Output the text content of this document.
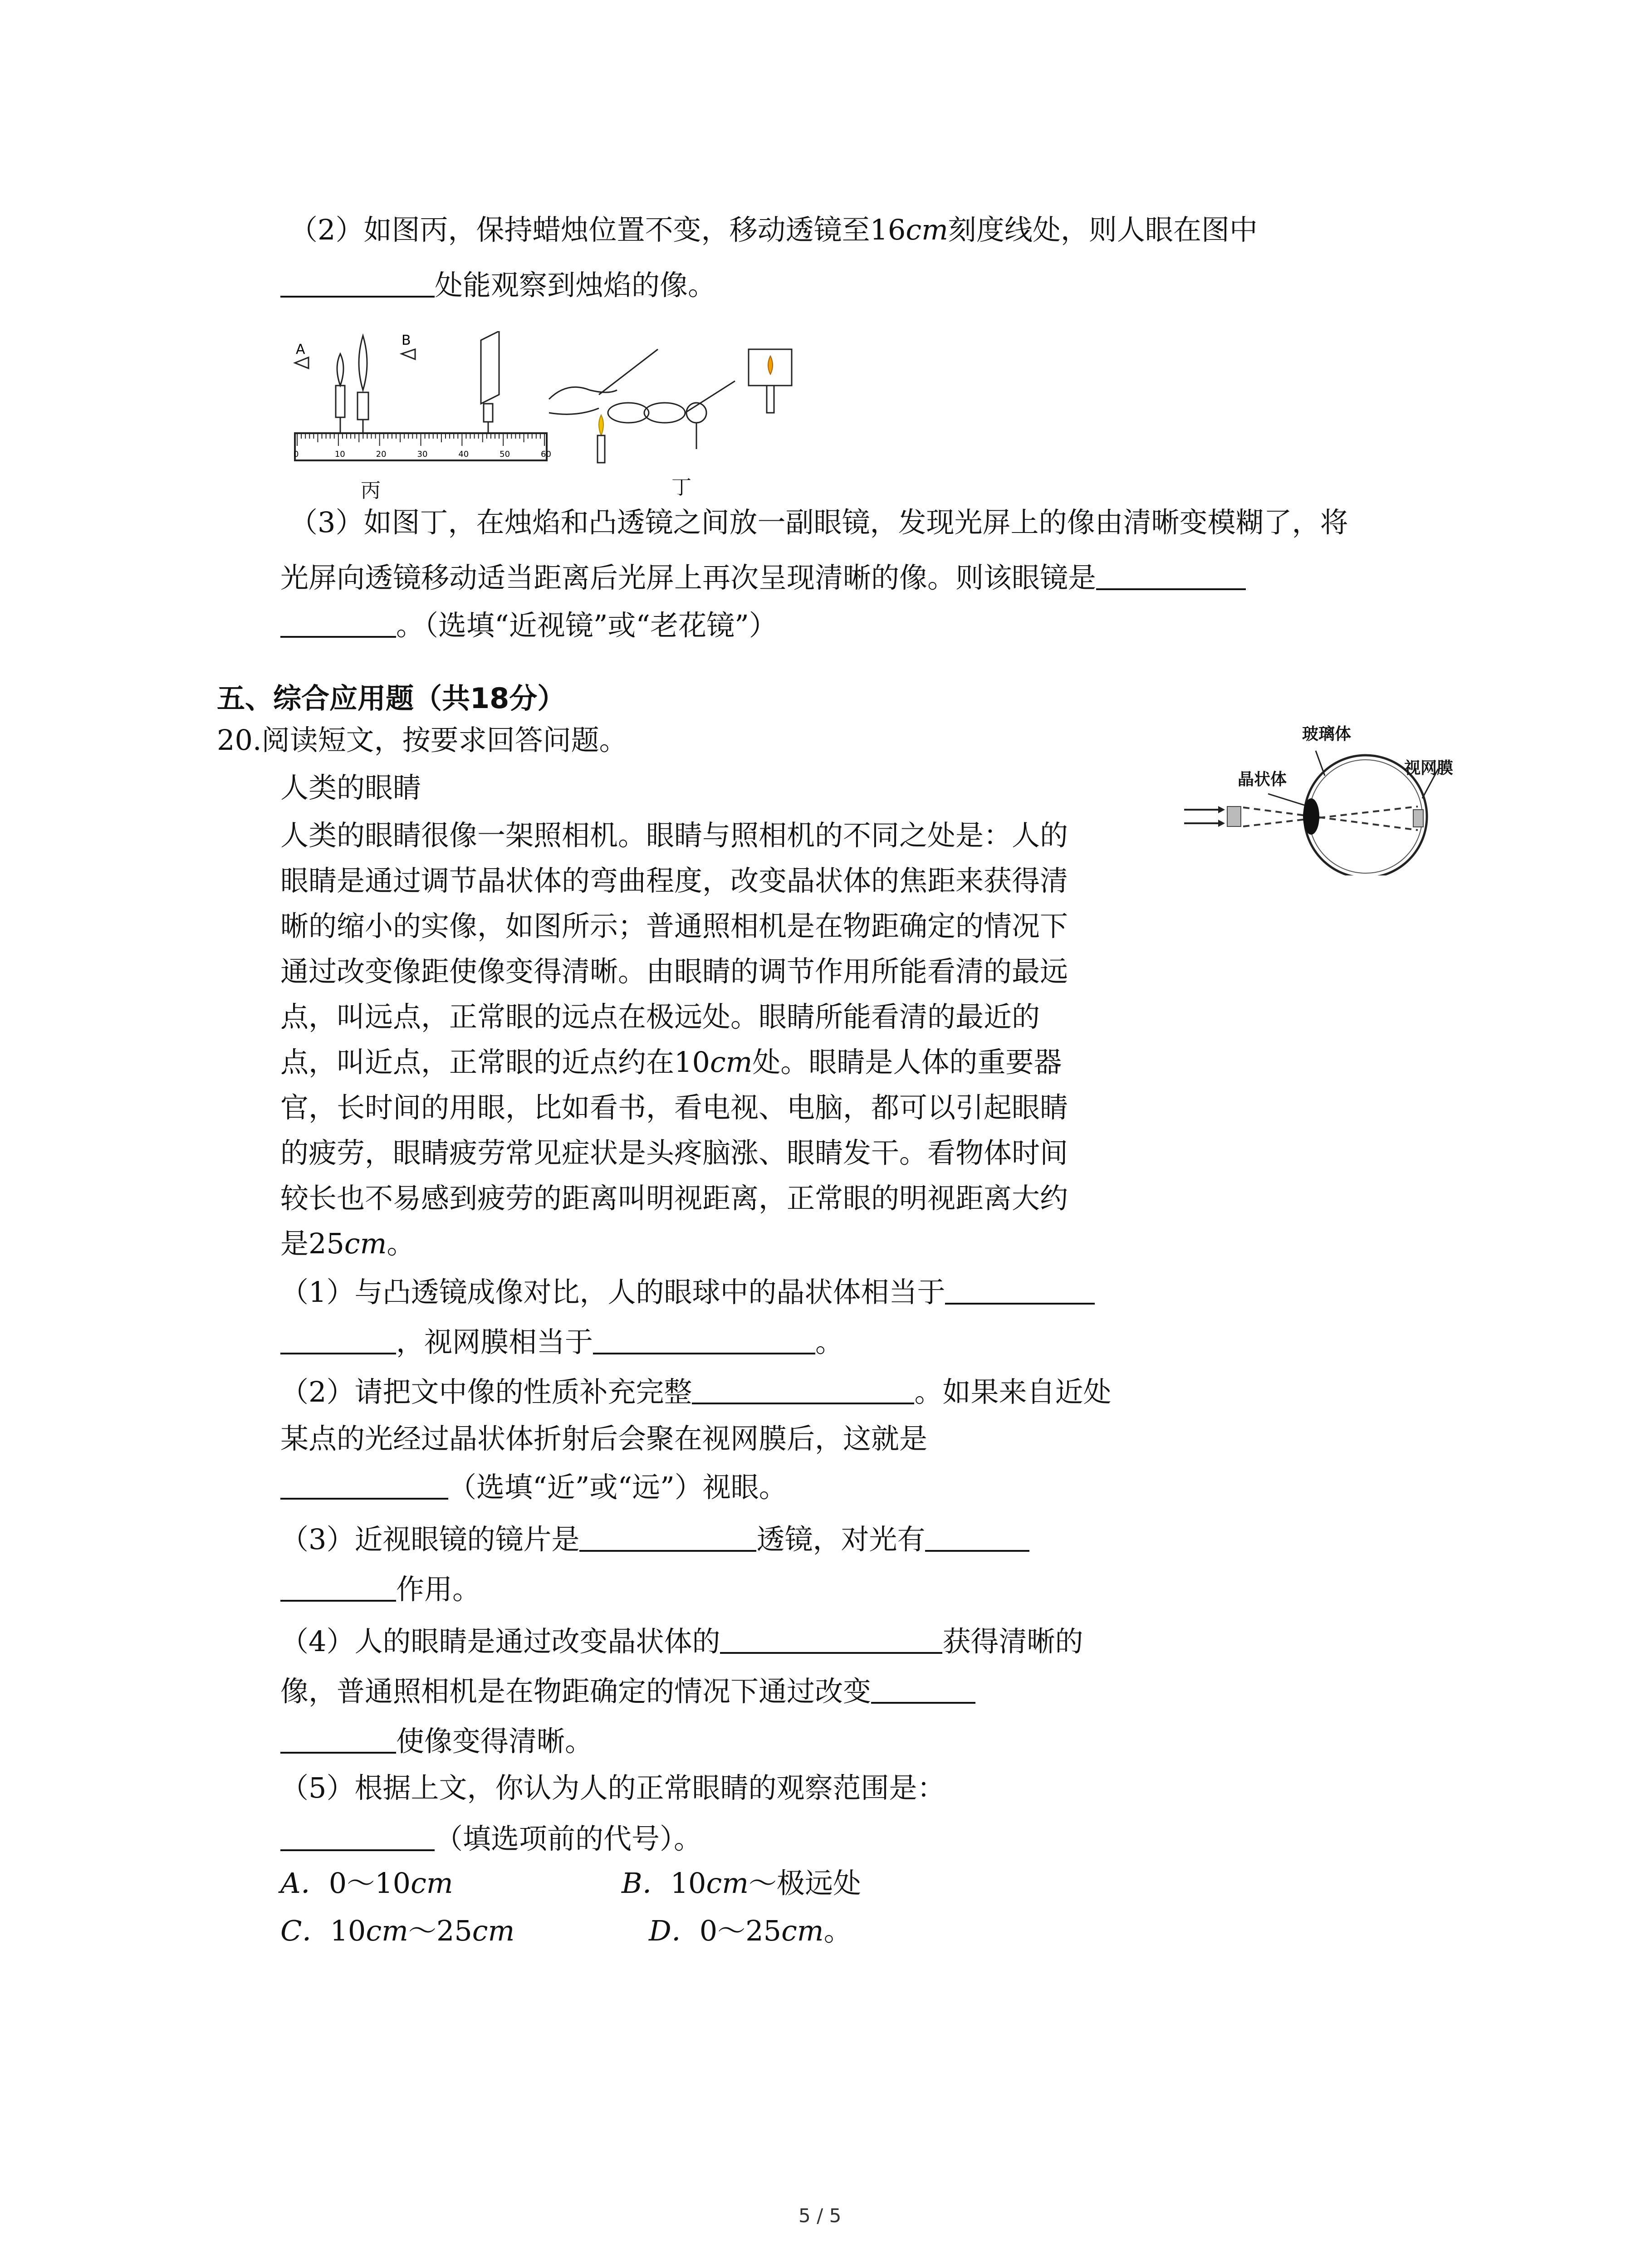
（2）如图丙，保持蜡烛位置不变，移动透镜至16cm刻度线处，则人眼在图中
处能观察到烛焰的像。
A
B
0	10	20	30	40	50	60
丙	丁
（3）如图丁，在烛焰和凸透镜之间放一副眼镜，发现光屏上的像由清晰变模糊了，将
光屏向透镜移动适当距离后光屏上再次呈现清晰的像。则该眼镜是
。（选填“近视镜”或“老花镜”）
五、综合应用题（共18分）
20.阅读短文，按要求回答问题。
人类的眼睛
人类的眼睛很像一架照相机。眼睛与照相机的不同之处是：人的
眼睛是通过调节晶状体的弯曲程度，改变晶状体的焦距来获得清
晰的缩小的实像，如图所示；普通照相机是在物距确定的情况下
通过改变像距使像变得清晰。由眼睛的调节作用所能看清的最远
点，叫远点，正常眼的远点在极远处。眼睛所能看清的最近的
点，叫近点，正常眼的近点约在10cm处。眼睛是人体的重要器
官，长时间的用眼，比如看书，看电视、电脑，都可以引起眼睛
的疲劳，眼睛疲劳常见症状是头疼脑涨、眼睛发干。看物体时间
较长也不易感到疲劳的距离叫明视距离，正常眼的明视距离大约
是25cm。
玻璃体
晶状体
视网膜
（1）与凸透镜成像对比，人的眼球中的晶状体相当于
，视网膜相当于	。
（2）请把文中像的性质补充完整	。如果来自近处
某点的光经过晶状体折射后会聚在视网膜后，这就是
（选填“近”或“远”）视眼。
（3）近视眼镜的镜片是	透镜，对光有
作用。
（4）人的眼睛是通过改变晶状体的	获得清晰的
像，普通照相机是在物距确定的情况下通过改变
使像变得清晰。
（5）根据上文，你认为人的正常眼睛的观察范围是：
（填选项前的代号）。
A．0～10cm	B．10cm～极远处
C．10cm～25cm	D．0～25cm。
5 / 5
